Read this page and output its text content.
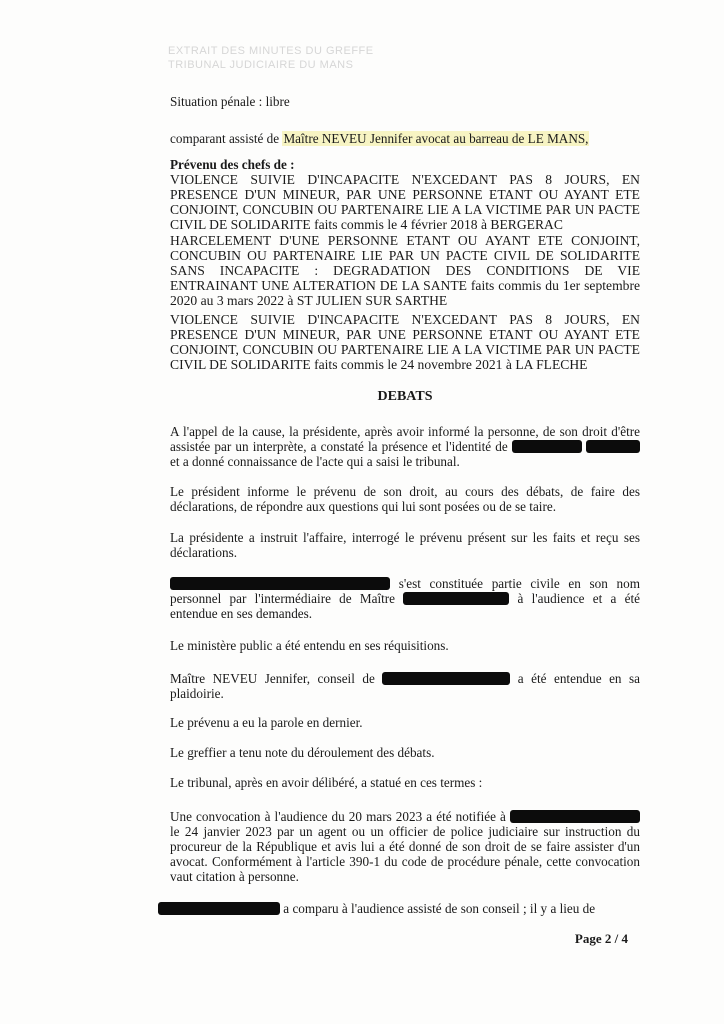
EXTRAIT DES MINUTES DU GREFFE
TRIBUNAL JUDICIAIRE DU MANS
Situation pénale : libre
comparant assisté de Maître NEVEU Jennifer avocat au barreau de LE MANS,
Prévenu des chefs de :
VIOLENCE SUIVIE D'INCAPACITE N'EXCEDANT PAS 8 JOURS, EN PRESENCE D'UN MINEUR, PAR UNE PERSONNE ETANT OU AYANT ETE CONJOINT, CONCUBIN OU PARTENAIRE LIE A LA VICTIME PAR UN PACTE CIVIL DE SOLIDARITE faits commis le 4 février 2018 à BERGERAC
HARCELEMENT D'UNE PERSONNE ETANT OU AYANT ETE CONJOINT, CONCUBIN OU PARTENAIRE LIE PAR UN PACTE CIVIL DE SOLIDARITE SANS INCAPACITE : DEGRADATION DES CONDITIONS DE VIE ENTRAINANT UNE ALTERATION DE LA SANTE faits commis du 1er septembre 2020 au 3 mars 2022 à ST JULIEN SUR SARTHE
VIOLENCE SUIVIE D'INCAPACITE N'EXCEDANT PAS 8 JOURS, EN PRESENCE D'UN MINEUR, PAR UNE PERSONNE ETANT OU AYANT ETE CONJOINT, CONCUBIN OU PARTENAIRE LIE A LA VICTIME PAR UN PACTE CIVIL DE SOLIDARITE faits commis le 24 novembre 2021 à LA FLECHE
DEBATS
A l'appel de la cause, la présidente, après avoir informé la personne, de son droit d'être assistée par un interprète, a constaté la présence et l'identité de   et a donné connaissance de l'acte qui a saisi le tribunal.
Le président informe le prévenu de son droit, au cours des débats, de faire des déclarations, de répondre aux questions qui lui sont posées ou de se taire.
La présidente a instruit l'affaire, interrogé le prévenu présent sur les faits et reçu ses déclarations.
s'est constituée partie civile en son nom personnel par l'intermédiaire de Maître	à l'audience et a été entendue en ses demandes.
Le ministère public a été entendu en ses réquisitions.
Maître NEVEU Jennifer, conseil de	a été entendue en sa plaidoirie.
Le prévenu a eu la parole en dernier.
Le greffier a tenu note du déroulement des débats.
Le tribunal, après en avoir délibéré, a statué en ces termes :
Une convocation à l'audience du 20 mars 2023 a été notifiée à  le 24 janvier 2023 par un agent ou un officier de police judiciaire sur instruction du procureur de la République et avis lui a été donné de son droit de se faire assister d'un avocat. Conformément à l'article 390-1 du code de procédure pénale, cette convocation vaut citation à personne.
a comparu à l'audience assisté de son conseil ; il y a lieu de
Page 2 / 4
